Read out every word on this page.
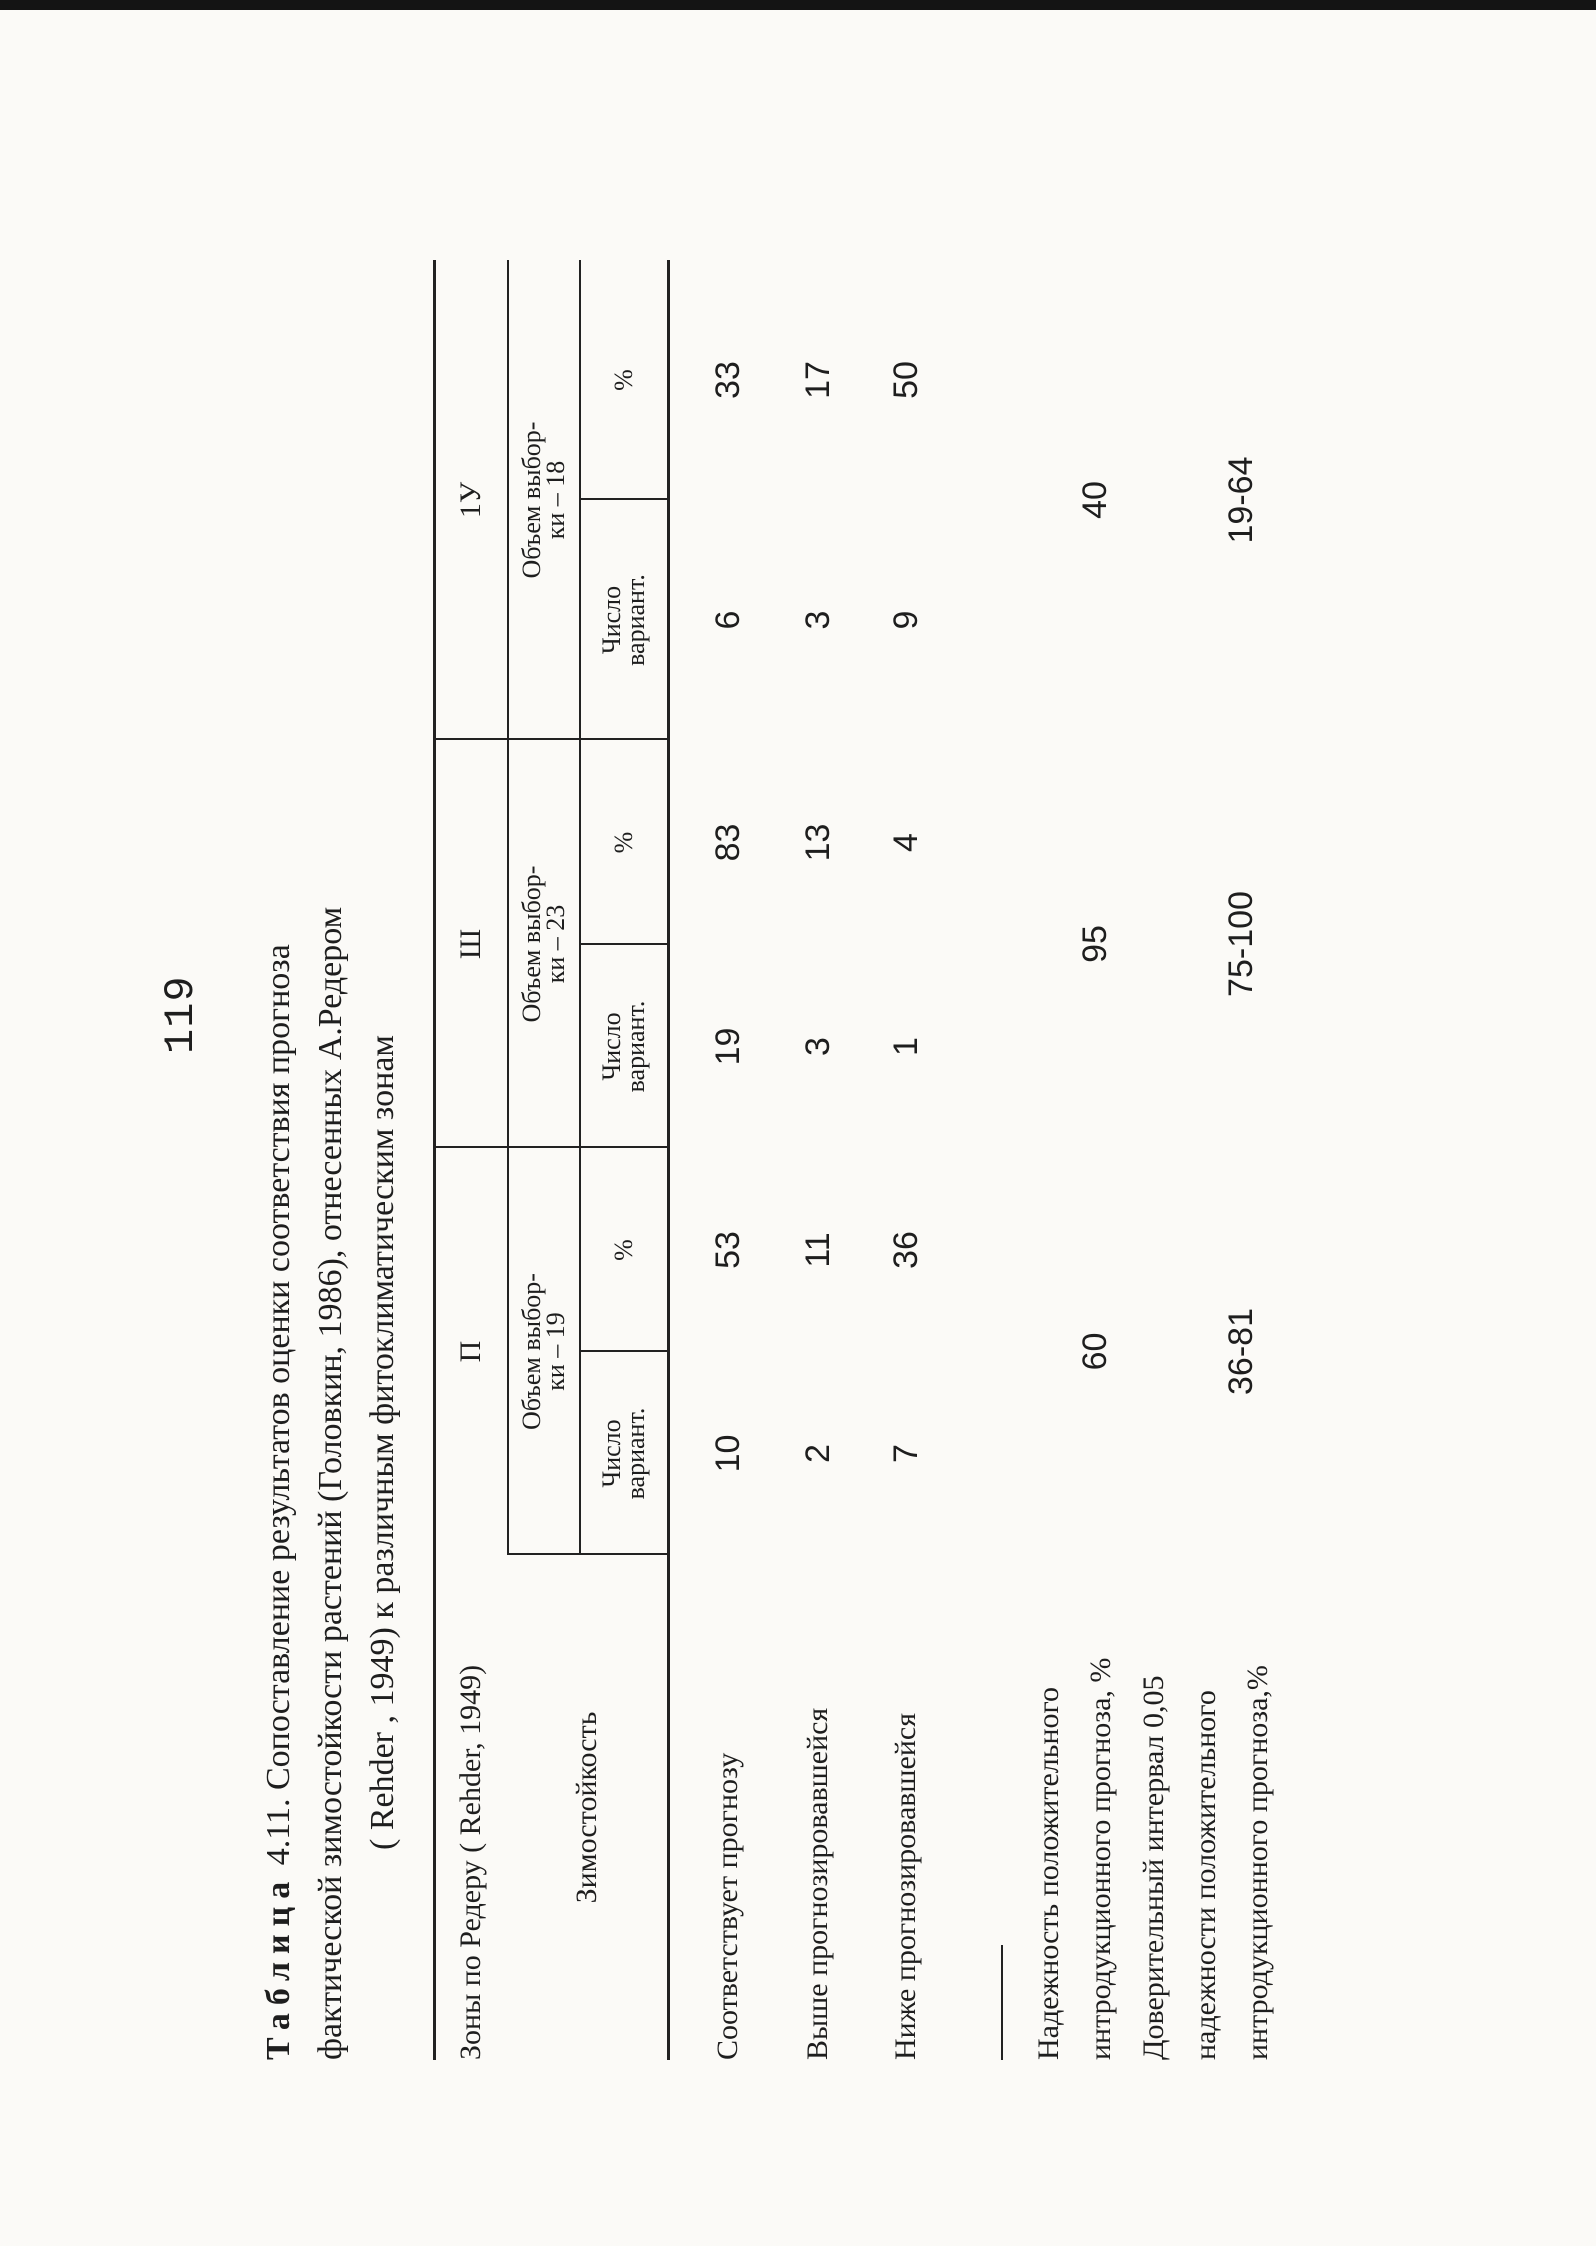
119
Таблица 4.11. Сопоставление результатов оценки соответствия прогноза фактической зимостойкости растений (Головкин, 1986), отнесенных А.Редером ( Rehder , 1949) к различным фитоклиматическим зонам
Зоны по Редеру ( Rehder, 1949)
П
Ш
1У
Зимостойкость
Объем выбор-
ки – 19
Объем выбор-
ки – 23
Объем выбор-
ки – 18
Число
вариант.
%
Число
вариант.
%
Число
вариант.
%
Соответствует прогнозу
10
53
19
83
6
33
Выше прогнозировавшейся
2
11
3
13
3
17
Ниже прогнозировавшейся
7
36
1
4
9
50
Надежность положительного интродукционного прогноза, %
60
95
40
Доверительный интервал 0,05 надежности положительного интродукционного прогноза,%
36-81
75-100
19-64
